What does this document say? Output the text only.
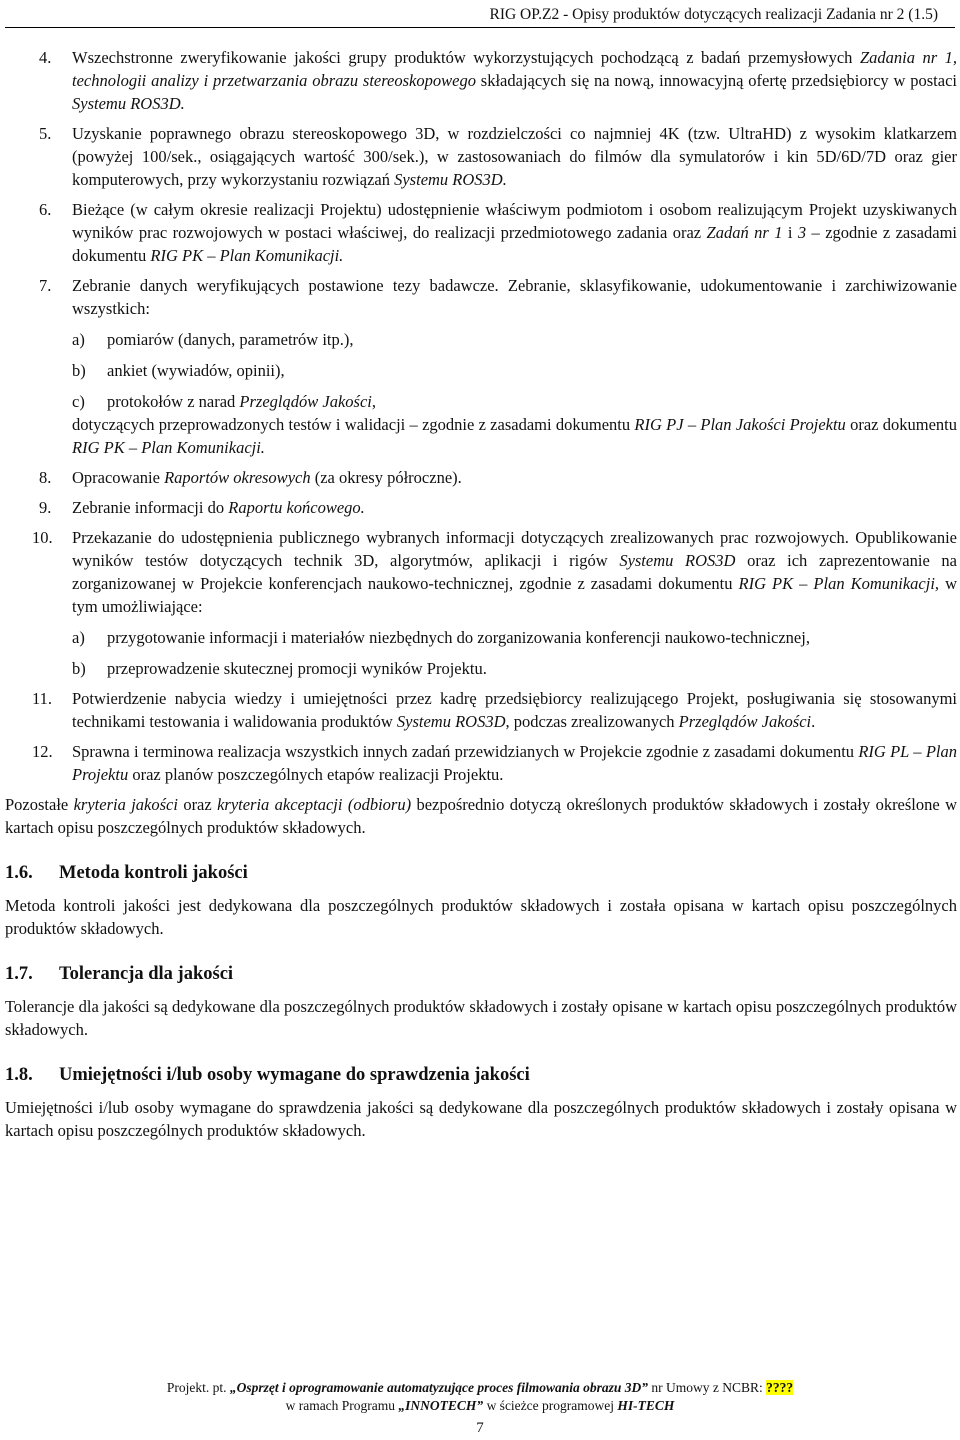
RIG OP.Z2 - Opisy produktów dotyczących realizacji Zadania nr 2 (1.5)
4.	Wszechstronne zweryfikowanie jakości grupy produktów wykorzystujących pochodzącą z badań przemysłowych Zadania nr 1, technologii analizy i przetwarzania obrazu stereoskopowego składających się na nową, innowacyjną ofertę przedsiębiorcy w postaci Systemu ROS3D.
5.	Uzyskanie poprawnego obrazu stereoskopowego 3D, w rozdzielczości co najmniej 4K (tzw. UltraHD) z wysokim klatkarzem (powyżej 100/sek., osiągających wartość 300/sek.), w zastosowaniach do filmów dla symulatorów i kin 5D/6D/7D oraz gier komputerowych, przy wykorzystaniu rozwiązań Systemu ROS3D.
6.	Bieżące (w całym okresie realizacji Projektu) udostępnienie właściwym podmiotom i osobom realizującym Projekt uzyskiwanych wyników prac rozwojowych w postaci właściwej, do realizacji przedmiotowego zadania oraz Zadań nr 1 i 3 – zgodnie z zasadami dokumentu RIG PK – Plan Komunikacji.
7.	Zebranie danych weryfikujących postawione tezy badawcze. Zebranie, sklasyfikowanie, udokumentowanie i zarchiwizowanie wszystkich:

a)	pomiarów (danych, parametrów itp.),
b)	ankiet (wywiadów, opinii),
c)	protokołów z narad Przeglądów Jakości,

dotyczących przeprowadzonych testów i walidacji – zgodnie z zasadami dokumentu RIG PJ – Plan Jakości Projektu oraz dokumentu RIG PK – Plan Komunikacji.

8.	Opracowanie Raportów okresowych (za okresy półroczne).
9.	Zebranie informacji do Raportu końcowego.
10.	Przekazanie do udostępnienia publicznego wybranych informacji dotyczących zrealizowanych prac rozwojowych. Opublikowanie wyników testów dotyczących technik 3D, algorytmów, aplikacji i rigów Systemu ROS3D oraz ich zaprezentowanie na zorganizowanej w Projekcie konferencjach naukowo-technicznej, zgodnie z zasadami dokumentu RIG PK – Plan Komunikacji, w tym umożliwiające:

a)	przygotowanie informacji i materiałów niezbędnych do zorganizowania konferencji naukowo-technicznej,
b)	przeprowadzenie skutecznej promocji wyników Projektu.
11.	Potwierdzenie nabycia wiedzy i umiejętności przez kadrę przedsiębiorcy realizującego Projekt, posługiwania się stosowanymi technikami testowania i walidowania produktów Systemu ROS3D, podczas zrealizowanych Przeglądów Jakości.
12.	Sprawna i terminowa realizacja wszystkich innych zadań przewidzianych w Projekcie zgodnie z zasadami dokumentu RIG PL – Plan Projektu oraz planów poszczególnych etapów realizacji Projektu.

Pozostałe kryteria jakości oraz kryteria akceptacji (odbioru) bezpośrednio dotyczą określonych produktów składowych i zostały określone w kartach opisu poszczególnych produktów składowych.

1.6.	Metoda kontroli jakości

Metoda kontroli jakości jest dedykowana dla poszczególnych produktów składowych i została opisana w kartach opisu poszczególnych produktów składowych.

1.7.	Tolerancja dla jakości

Tolerancje dla jakości są dedykowane dla poszczególnych produktów składowych i zostały opisane w kartach opisu poszczególnych produktów składowych.

1.8.	Umiejętności i/lub osoby wymagane do sprawdzenia jakości

Umiejętności i/lub osoby wymagane do sprawdzenia jakości są dedykowane dla poszczególnych produktów składowych i zostały opisana w kartach opisu poszczególnych produktów składowych.

Projekt. pt. „Osprzęt i oprogramowanie automatyzujące proces filmowania obrazu 3D” nr Umowy z NCBR: ????
w ramach Programu „INNOTECH” w ścieżce programowej HI-TECH
7
